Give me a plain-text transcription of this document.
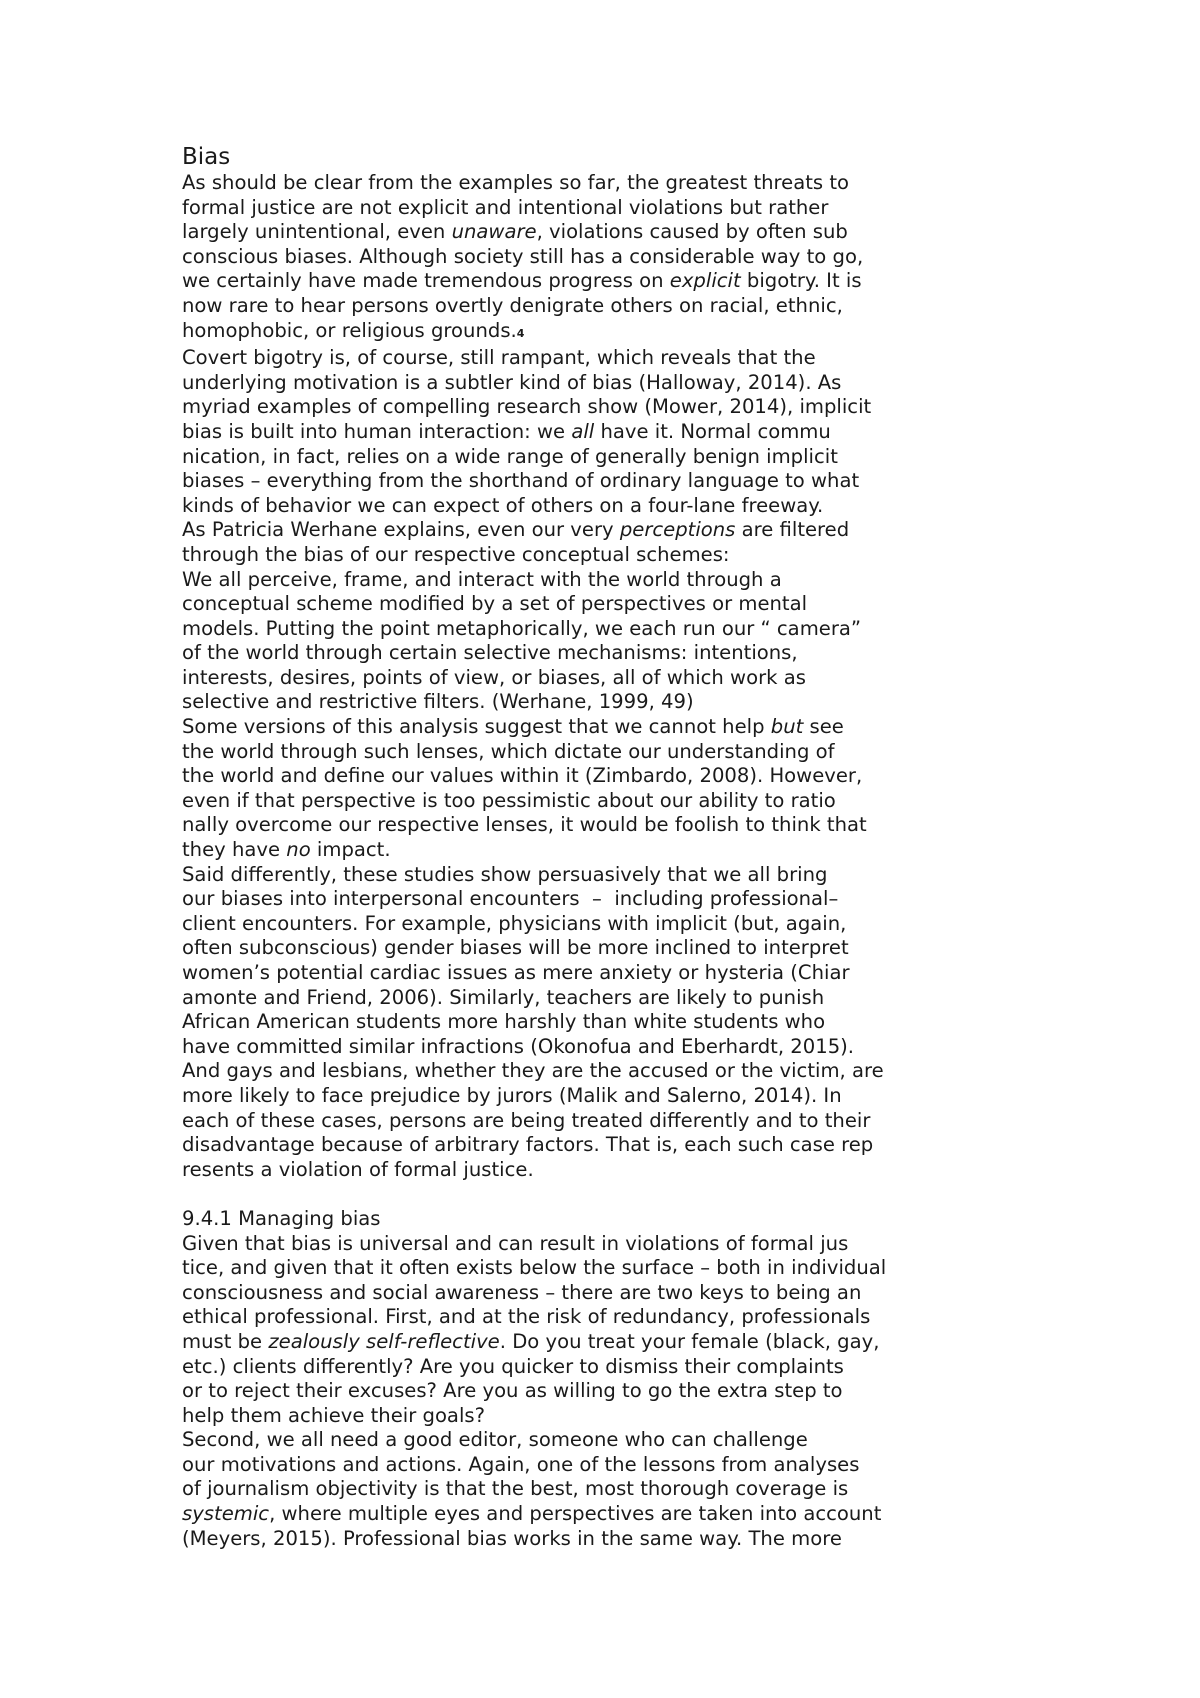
Bias
As should be clear from the examples so far, the greatest threats to
formal justice are not explicit and intentional violations but rather
largely unintentional, even unaware, violations caused by often sub
conscious biases. Although society still has a considerable way to go,
we certainly have made tremendous progress on explicit bigotry. It is
now rare to hear persons overtly denigrate others on racial, ethnic,
homophobic, or religious grounds.4
Covert bigotry is, of course, still rampant, which reveals that the
underlying motivation is a subtler kind of bias (Halloway, 2014). As
myriad examples of compelling research show (Mower, 2014), implicit
bias is built into human interaction: we all have it. Normal commu
nication, in fact, relies on a wide range of generally benign implicit
biases – everything from the shorthand of ordinary language to what
kinds of behavior we can expect of others on a four-lane freeway.
As Patricia Werhane explains, even our very perceptions are filtered
through the bias of our respective conceptual schemes:
We all perceive, frame, and interact with the world through a
conceptual scheme modified by a set of perspectives or mental
models. Putting the point metaphorically, we each run our “ camera”
of the world through certain selective mechanisms: intentions,
interests, desires, points of view, or biases, all of which work as
selective and restrictive filters. (Werhane, 1999, 49)
Some versions of this analysis suggest that we cannot help but see
the world through such lenses, which dictate our understanding of
the world and define our values within it (Zimbardo, 2008). However,
even if that perspective is too pessimistic about our ability to ratio
nally overcome our respective lenses, it would be foolish to think that
they have no impact.
Said differently, these studies show persuasively that we all bring
our biases into interpersonal encounters  –  including professional–
client encounters. For example, physicians with implicit (but, again,
often subconscious) gender biases will be more inclined to interpret
women’s potential cardiac issues as mere anxiety or hysteria (Chiar
amonte and Friend, 2006). Similarly, teachers are likely to punish
African American students more harshly than white students who
have committed similar infractions (Okonofua and Eberhardt, 2015).
And gays and lesbians, whether they are the accused or the victim, are
more likely to face prejudice by jurors (Malik and Salerno, 2014). In
each of these cases, persons are being treated differently and to their
disadvantage because of arbitrary factors. That is, each such case rep
resents a violation of formal justice.
9.4.1 Managing bias
Given that bias is universal and can result in violations of formal jus
tice, and given that it often exists below the surface – both in individual
consciousness and social awareness – there are two keys to being an
ethical professional. First, and at the risk of redundancy, professionals
must be zealously self-reflective. Do you treat your female (black, gay,
etc.) clients differently? Are you quicker to dismiss their complaints
or to reject their excuses? Are you as willing to go the extra step to
help them achieve their goals?
Second, we all need a good editor, someone who can challenge
our motivations and actions. Again, one of the lessons from analyses
of journalism objectivity is that the best, most thorough coverage is
systemic, where multiple eyes and perspectives are taken into account
(Meyers, 2015). Professional bias works in the same way. The more
